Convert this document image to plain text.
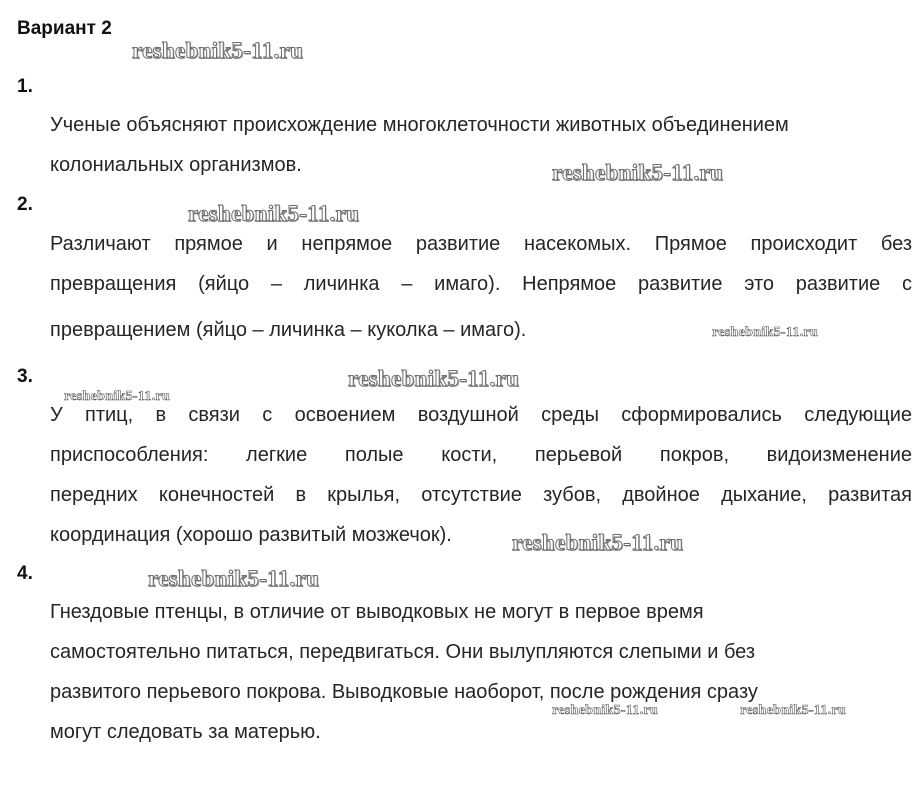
Вариант 2
1.
Ученые объясняют происхождение многоклеточности животных объединением
колониальных организмов.
2.
Различают прямое и непрямое развитие насекомых. Прямое происходит без
превращения (яйцо – личинка – имаго). Непрямое развитие это развитие с
превращением (яйцо – личинка – куколка – имаго).
3.
У птиц, в связи с освоением воздушной среды сформировались следующие
приспособления: легкие полые кости, перьевой покров, видоизменение
передних конечностей в крылья, отсутствие зубов, двойное дыхание, развитая
координация (хорошо развитый мозжечок).
4.
Гнездовые птенцы, в отличие от выводковых не могут в первое время
самостоятельно питаться, передвигаться. Они вылупляются слепыми и без
развитого перьевого покрова. Выводковые наоборот, после рождения сразу
могут следовать за матерью.
reshebnik5-11.ru
reshebnik5-11.ru
reshebnik5-11.ru
reshebnik5-11.ru
reshebnik5-11.ru
reshebnik5-11.ru
reshebnik5-11.ru
reshebnik5-11.ru
reshebnik5-11.ru	reshebnik5-11.ru
